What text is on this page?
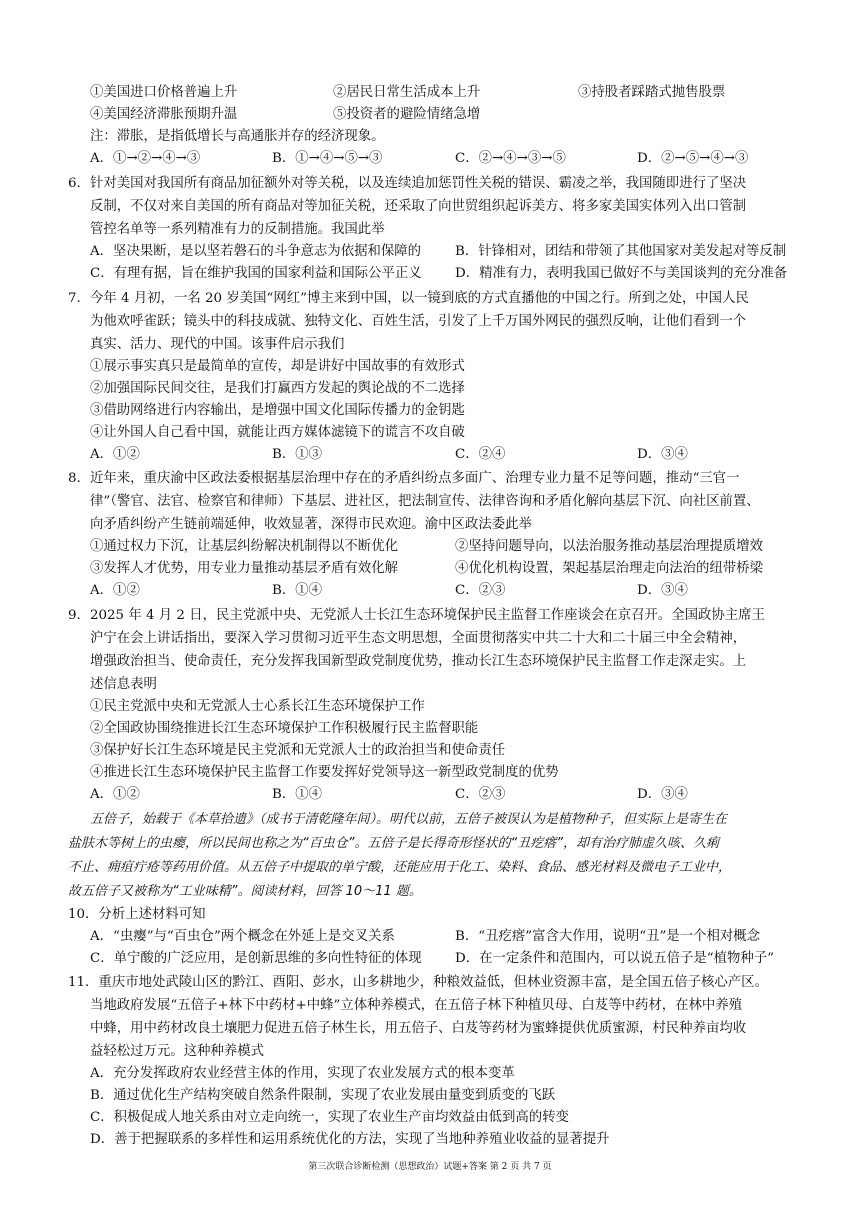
①美国进口价格普遍上升	②居民日常生活成本上升	③持股者踩踏式抛售股票
④美国经济滞胀预期升温	⑤投资者的避险情绪急增
注：滞胀，是指低增长与高通胀并存的经济现象。
A．①→②→④→③	B．①→④→⑤→③	C．②→④→③→⑤	D．②→⑤→④→③
6. 针对美国对我国所有商品加征额外对等关税，以及连续追加惩罚性关税的错误、霸凌之举，我国随即进行了坚决
反制，不仅对来自美国的所有商品对等加征关税，还采取了向世贸组织起诉美方、将多家美国实体列入出口管制
管控名单等一系列精准有力的反制措施。我国此举
A．坚决果断，是以坚若磐石的斗争意志为依据和保障的	B．针锋相对，团结和带领了其他国家对美发起对等反制
C．有理有据，旨在维护我国的国家利益和国际公平正义 D．精准有力，表明我国已做好不与美国谈判的充分准备
7. 今年 4 月初，一名 20 岁美国“网红”博主来到中国，以一镜到底的方式直播他的中国之行。所到之处，中国人民
为他欢呼雀跃；镜头中的科技成就、独特文化、百姓生活，引发了上千万国外网民的强烈反响，让他们看到一个
真实、活力、现代的中国。该事件启示我们
①展示事实真只是最简单的宣传，却是讲好中国故事的有效形式
②加强国际民间交往，是我们打赢西方发起的舆论战的不二选择
③借助网络进行内容输出，是增强中国文化国际传播力的金钥匙
④让外国人自己看中国，就能让西方媒体滤镜下的谎言不攻自破
A．①②	B．①③	C．②④	D．③④
8. 近年来，重庆渝中区政法委根据基层治理中存在的矛盾纠纷点多面广、治理专业力量不足等问题，推动“三官一
律”（警官、法官、检察官和律师）下基层、进社区，把法制宣传、法律咨询和矛盾化解向基层下沉、向社区前置、
向矛盾纠纷产生链前端延伸，收效显著，深得市民欢迎。渝中区政法委此举
①通过权力下沉，让基层纠纷解决机制得以不断优化	②坚持问题导向，以法治服务推动基层治理提质增效
③发挥人才优势，用专业力量推动基层矛盾有效化解	④优化机构设置，架起基层治理走向法治的纽带桥梁
A．①②	B．①④	C．②③	D．③④
9. 2025 年 4 月 2 日，民主党派中央、无党派人士长江生态环境保护民主监督工作座谈会在京召开。全国政协主席王
沪宁在会上讲话指出，要深入学习贯彻习近平生态文明思想，全面贯彻落实中共二十大和二十届三中全会精神，
增强政治担当、使命责任，充分发挥我国新型政党制度优势，推动长江生态环境保护民主监督工作走深走实。上
述信息表明
①民主党派中央和无党派人士心系长江生态环境保护工作
②全国政协围绕推进长江生态环境保护工作积极履行民主监督职能
③保护好长江生态环境是民主党派和无党派人士的政治担当和使命责任
④推进长江生态环境保护民主监督工作要发挥好党领导这一新型政党制度的优势
A．①②	B．①④	C．②③	D．③④
五倍子，始载于《本草拾遗》（成书于清乾隆年间）。明代以前，五倍子被误认为是植物种子，但实际上是寄生在
盐肤木等树上的虫瘿，所以民间也称之为“百虫仓”。五倍子是长得奇形怪状的“丑疙瘩”，却有治疗肺虚久咳、久痢
不止、痈疽疔疮等药用价值。从五倍子中提取的单宁酸，还能应用于化工、染料、食品、感光材料及微电子工业中，
故五倍子又被称为“工业味精”。阅读材料，回答 10～11 题。
10．分析上述材料可知
A．“虫瘿”与“百虫仓”两个概念在外延上是交叉关系	B．“丑疙瘩”富含大作用，说明“丑”是一个相对概念
C．单宁酸的广泛应用，是创新思维的多向性特征的体现 D．在一定条件和范围内，可以说五倍子是“植物种子”
11．重庆市地处武陵山区的黔江、酉阳、彭水，山多耕地少，种粮效益低，但林业资源丰富，是全国五倍子核心产区。
当地政府发展“五倍子+林下中药材+中蜂”立体种养模式，在五倍子林下种植贝母、白芨等中药材，在林中养殖
中蜂，用中药材改良土壤肥力促进五倍子林生长，用五倍子、白芨等药材为蜜蜂提供优质蜜源，村民种养亩均收
益轻松过万元。这种种养模式
A．充分发挥政府农业经营主体的作用，实现了农业发展方式的根本变革
B．通过优化生产结构突破自然条件限制，实现了农业发展由量变到质变的飞跃
C．积极促成人地关系由对立走向统一，实现了农业生产亩均效益由低到高的转变
D．善于把握联系的多样性和运用系统优化的方法，实现了当地种养殖业收益的显著提升
第三次联合诊断检测（思想政治）试题+答案 第 2 页 共 7 页
